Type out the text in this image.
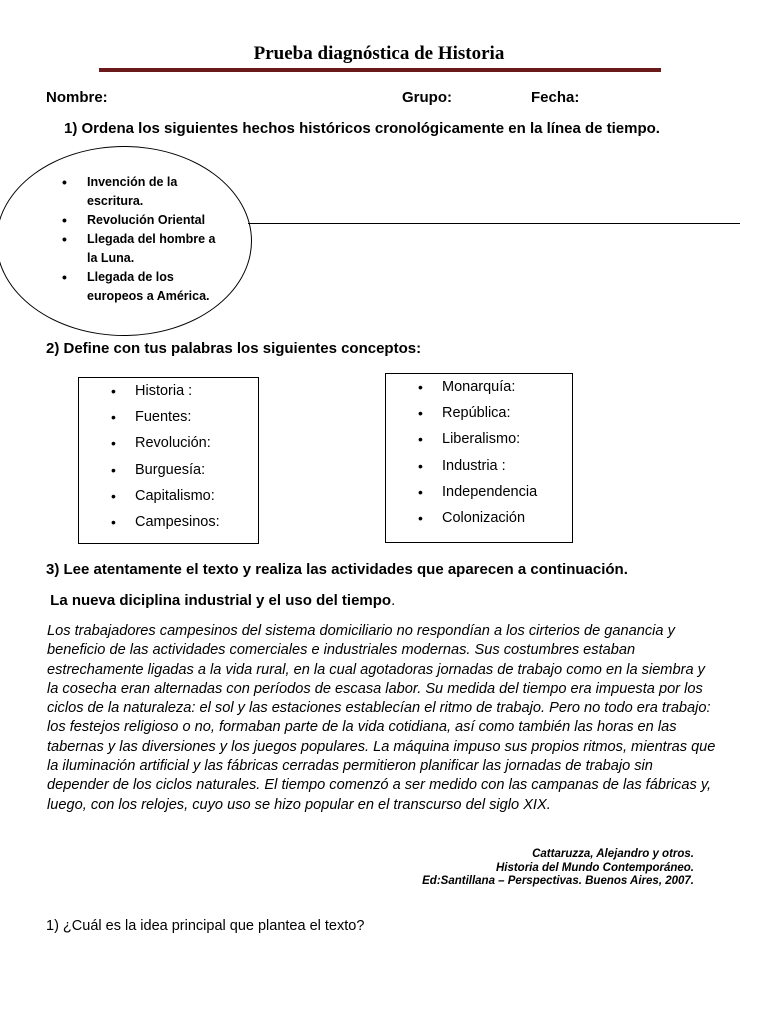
Prueba diagnóstica de Historia
Nombre:	Grupo:	Fecha:
1) Ordena los siguientes hechos históricos cronológicamente en la línea de tiempo.
• Invención de la escritura.
• Revolución Oriental
• Llegada del hombre a la Luna.
• Llegada de los europeos a América.
2) Define con tus palabras los siguientes conceptos:
• Historia :
• Fuentes:
• Revolución:
• Burguesía:
• Capitalismo:
• Campesinos:
• Monarquía:
• República:
• Liberalismo:
• Industria :
• Independencia
• Colonización
3) Lee atentamente el texto y realiza las actividades que aparecen a continuación.
La nueva diciplina industrial y el uso del tiempo.
Los trabajadores campesinos del sistema domiciliario no respondían a los cirterios de ganancia y beneficio de las actividades comerciales e industriales modernas. Sus costumbres estaban estrechamente ligadas a la vida rural, en la cual agotadoras jornadas de trabajo como en la siembra y la cosecha eran alternadas con períodos de escasa labor. Su medida del tiempo era impuesta por los ciclos de la naturaleza: el sol y las estaciones establecían el ritmo de trabajo. Pero no todo era trabajo: los festejos religioso o no, formaban parte de la vida cotidiana, así como también las horas en las tabernas y las diversiones y los juegos populares. La máquina impuso sus propios ritmos, mientras que la iluminación artificial y las fábricas cerradas permitieron planificar las jornadas de trabajo sin depender de los ciclos naturales. El tiempo comenzó a ser medido con las campanas de las fábricas y, luego, con los relojes, cuyo uso se hizo popular en el transcurso del siglo XIX.
Cattaruzza, Alejandro y otros.
Historia del Mundo Contemporáneo.
Ed:Santillana – Perspectivas. Buenos Aires, 2007.
1) ¿Cuál es la idea principal que plantea el texto?
